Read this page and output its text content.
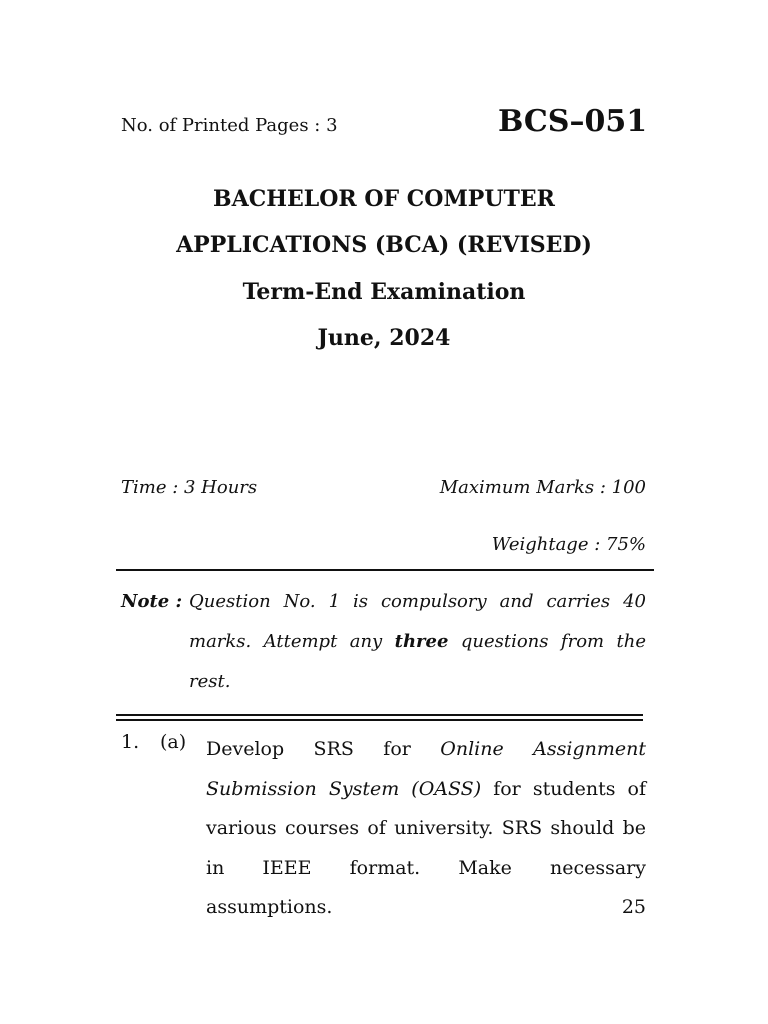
No. of Printed Pages : 3	BCS–051
BACHELOR OF COMPUTER
APPLICATIONS (BCA) (REVISED)
Term-End Examination
June, 2024
Time : 3 Hours	Maximum Marks : 100
Weightage : 75%
Note : Question No. 1 is compulsory and carries 40 marks. Attempt any three questions from the rest.
1. (a) Develop SRS for Online Assignment Submission System (OASS) for students of various courses of university. SRS should be in IEEE format. Make necessary
assumptions.	25
